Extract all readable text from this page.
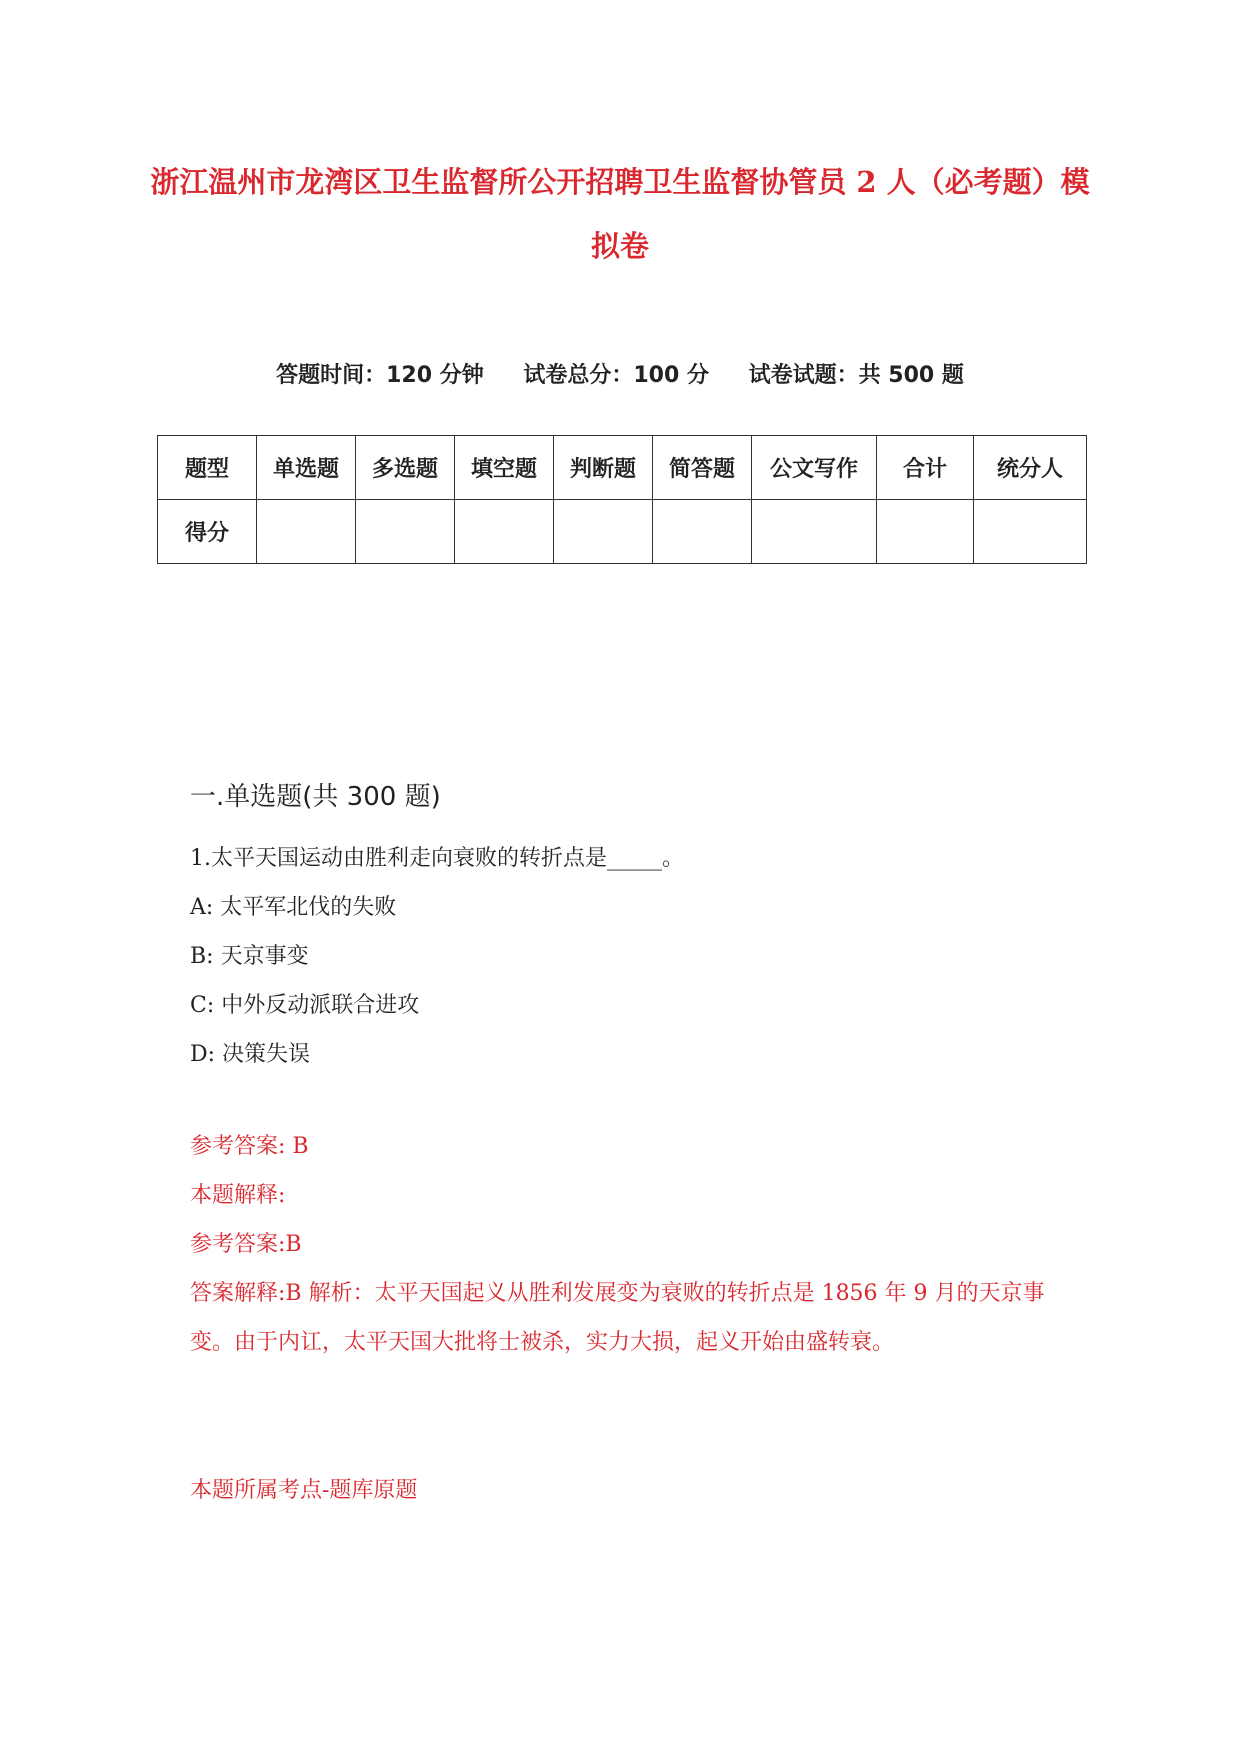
浙江温州市龙湾区卫生监督所公开招聘卫生监督协管员 2 人（必考题）模拟卷
答题时间：120 分钟 试卷总分：100 分 试卷试题：共 500 题
题型	单选题	多选题	填空题	判断题	简答题	公文写作	合计	统分人
得分								
一.单选题(共 300 题)
1.太平天国运动由胜利走向衰败的转折点是_____。
A: 太平军北伐的失败
B: 天京事变
C: 中外反动派联合进攻
D: 决策失误
参考答案: B
本题解释:
参考答案:B
答案解释:B 解析：太平天国起义从胜利发展变为衰败的转折点是 1856 年 9 月的天京事变。由于内讧，太平天国大批将士被杀，实力大损，起义开始由盛转衰。
本题所属考点-题库原题
